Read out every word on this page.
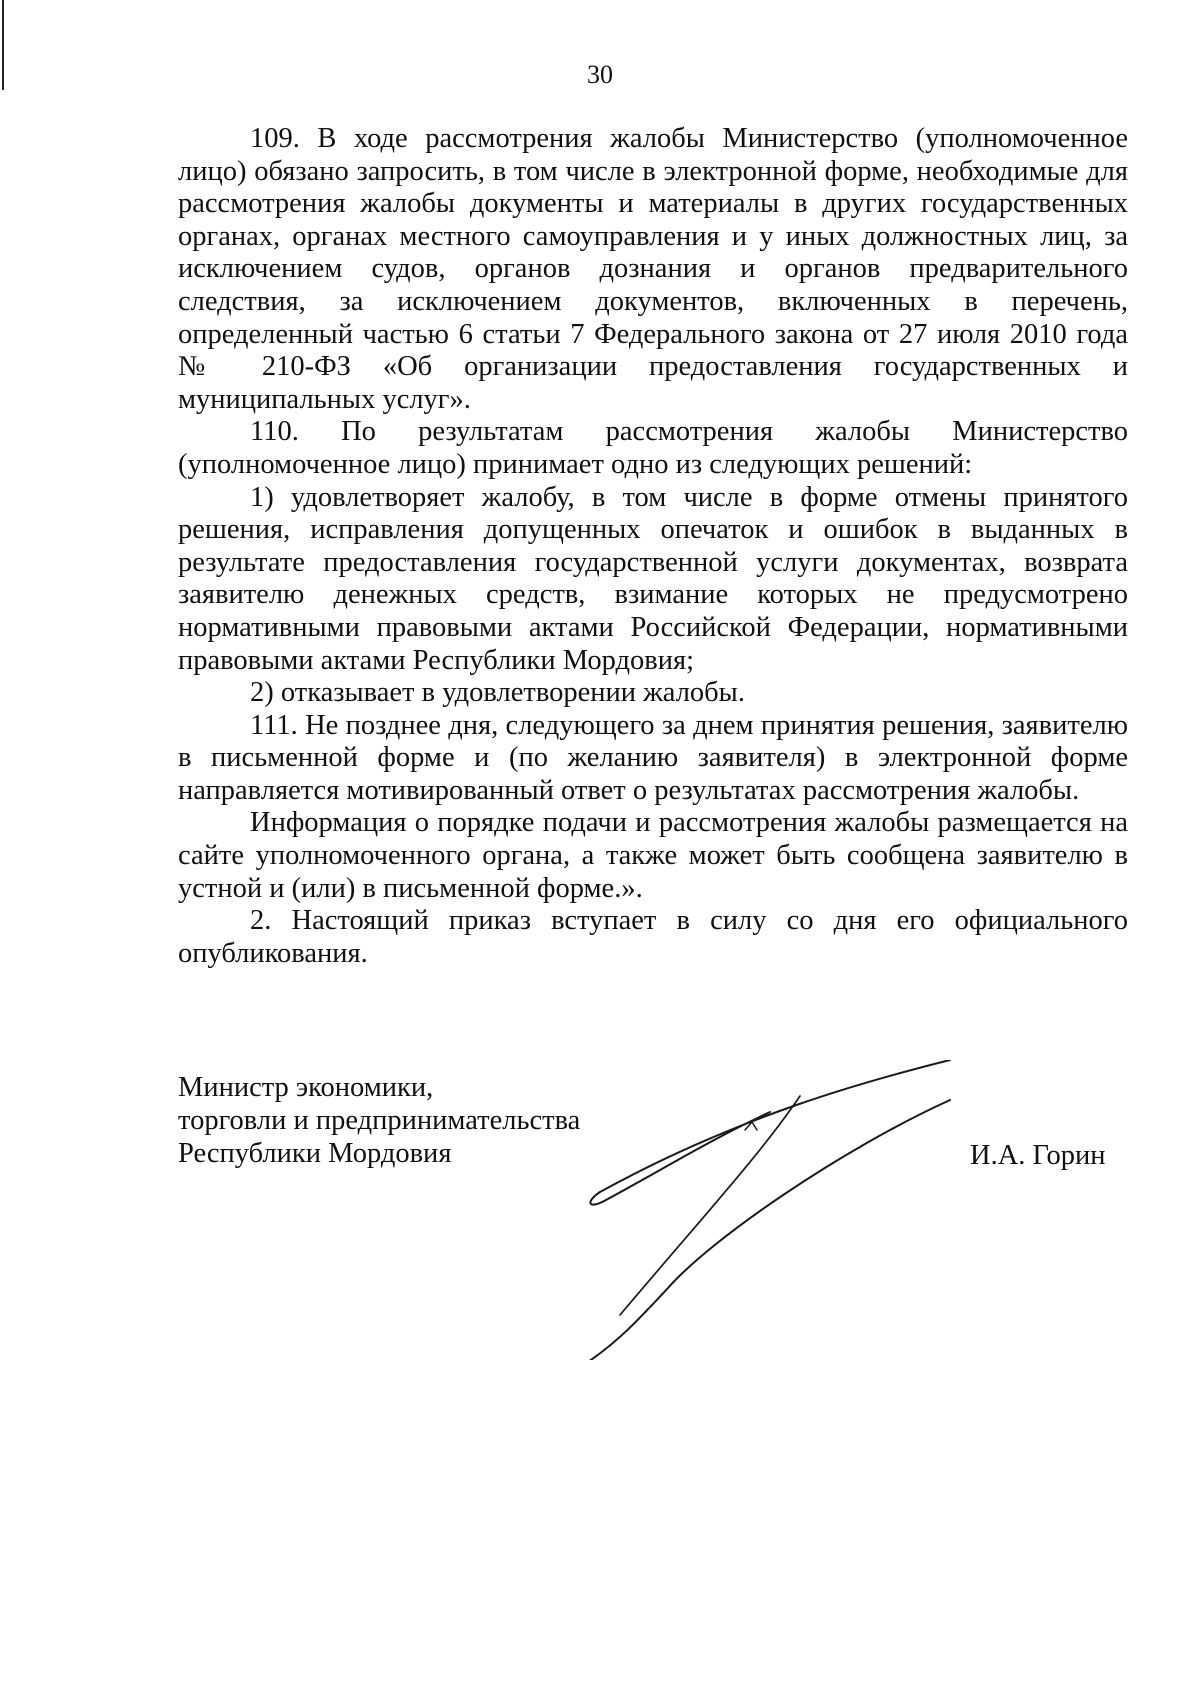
30

109. В ходе рассмотрения жалобы Министерство (уполномоченное лицо) обязано запросить, в том числе в электронной форме, необходимые для рассмотрения жалобы документы и материалы в других государственных органах, органах местного самоуправления и у иных должностных лиц, за исключением судов, органов дознания и органов предварительного следствия, за исключением документов, включенных в перечень, определенный частью 6 статьи 7 Федерального закона от 27 июля 2010 года № 210-ФЗ «Об организации предоставления государственных и муниципальных услуг».

110. По результатам рассмотрения жалобы Министерство (уполномоченное лицо) принимает одно из следующих решений:

1) удовлетворяет жалобу, в том числе в форме отмены принятого решения, исправления допущенных опечаток и ошибок в выданных в результате предоставления государственной услуги документах, возврата заявителю денежных средств, взимание которых не предусмотрено нормативными правовыми актами Российской Федерации, нормативными правовыми актами Республики Мордовия;

2) отказывает в удовлетворении жалобы.

111. Не позднее дня, следующего за днем принятия решения, заявителю в письменной форме и (по желанию заявителя) в электронной форме направляется мотивированный ответ о результатах рассмотрения жалобы.

Информация о порядке подачи и рассмотрения жалобы размещается на сайте уполномоченного органа, а также может быть сообщена заявителю в устной и (или) в письменной форме.».

2. Настоящий приказ вступает в силу со дня его официального опубликования.

Министр экономики,
торговли и предпринимательства
Республики Мордовия	И.А. Горин
